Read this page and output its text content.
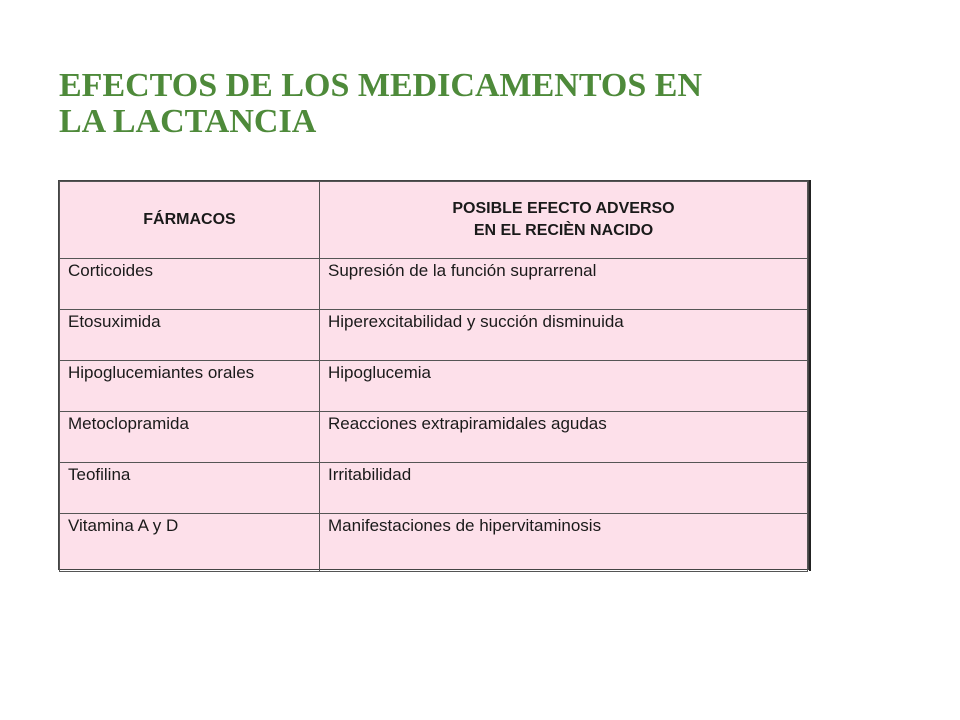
EFECTOS DE LOS MEDICAMENTOS EN
LA LACTANCIA
FÁRMACOS	POSIBLE EFECTO ADVERSO
EN EL RECIÈN NACIDO

Corticoides	Supresión de la función suprarrenal
Etosuximida	Hiperexcitabilidad y succión disminuida
Hipoglucemiantes orales	Hipoglucemia
Metoclopramida	Reacciones extrapiramidales agudas
Teofilina	Irritabilidad
Vitamina A y D	Manifestaciones de hipervitaminosis
